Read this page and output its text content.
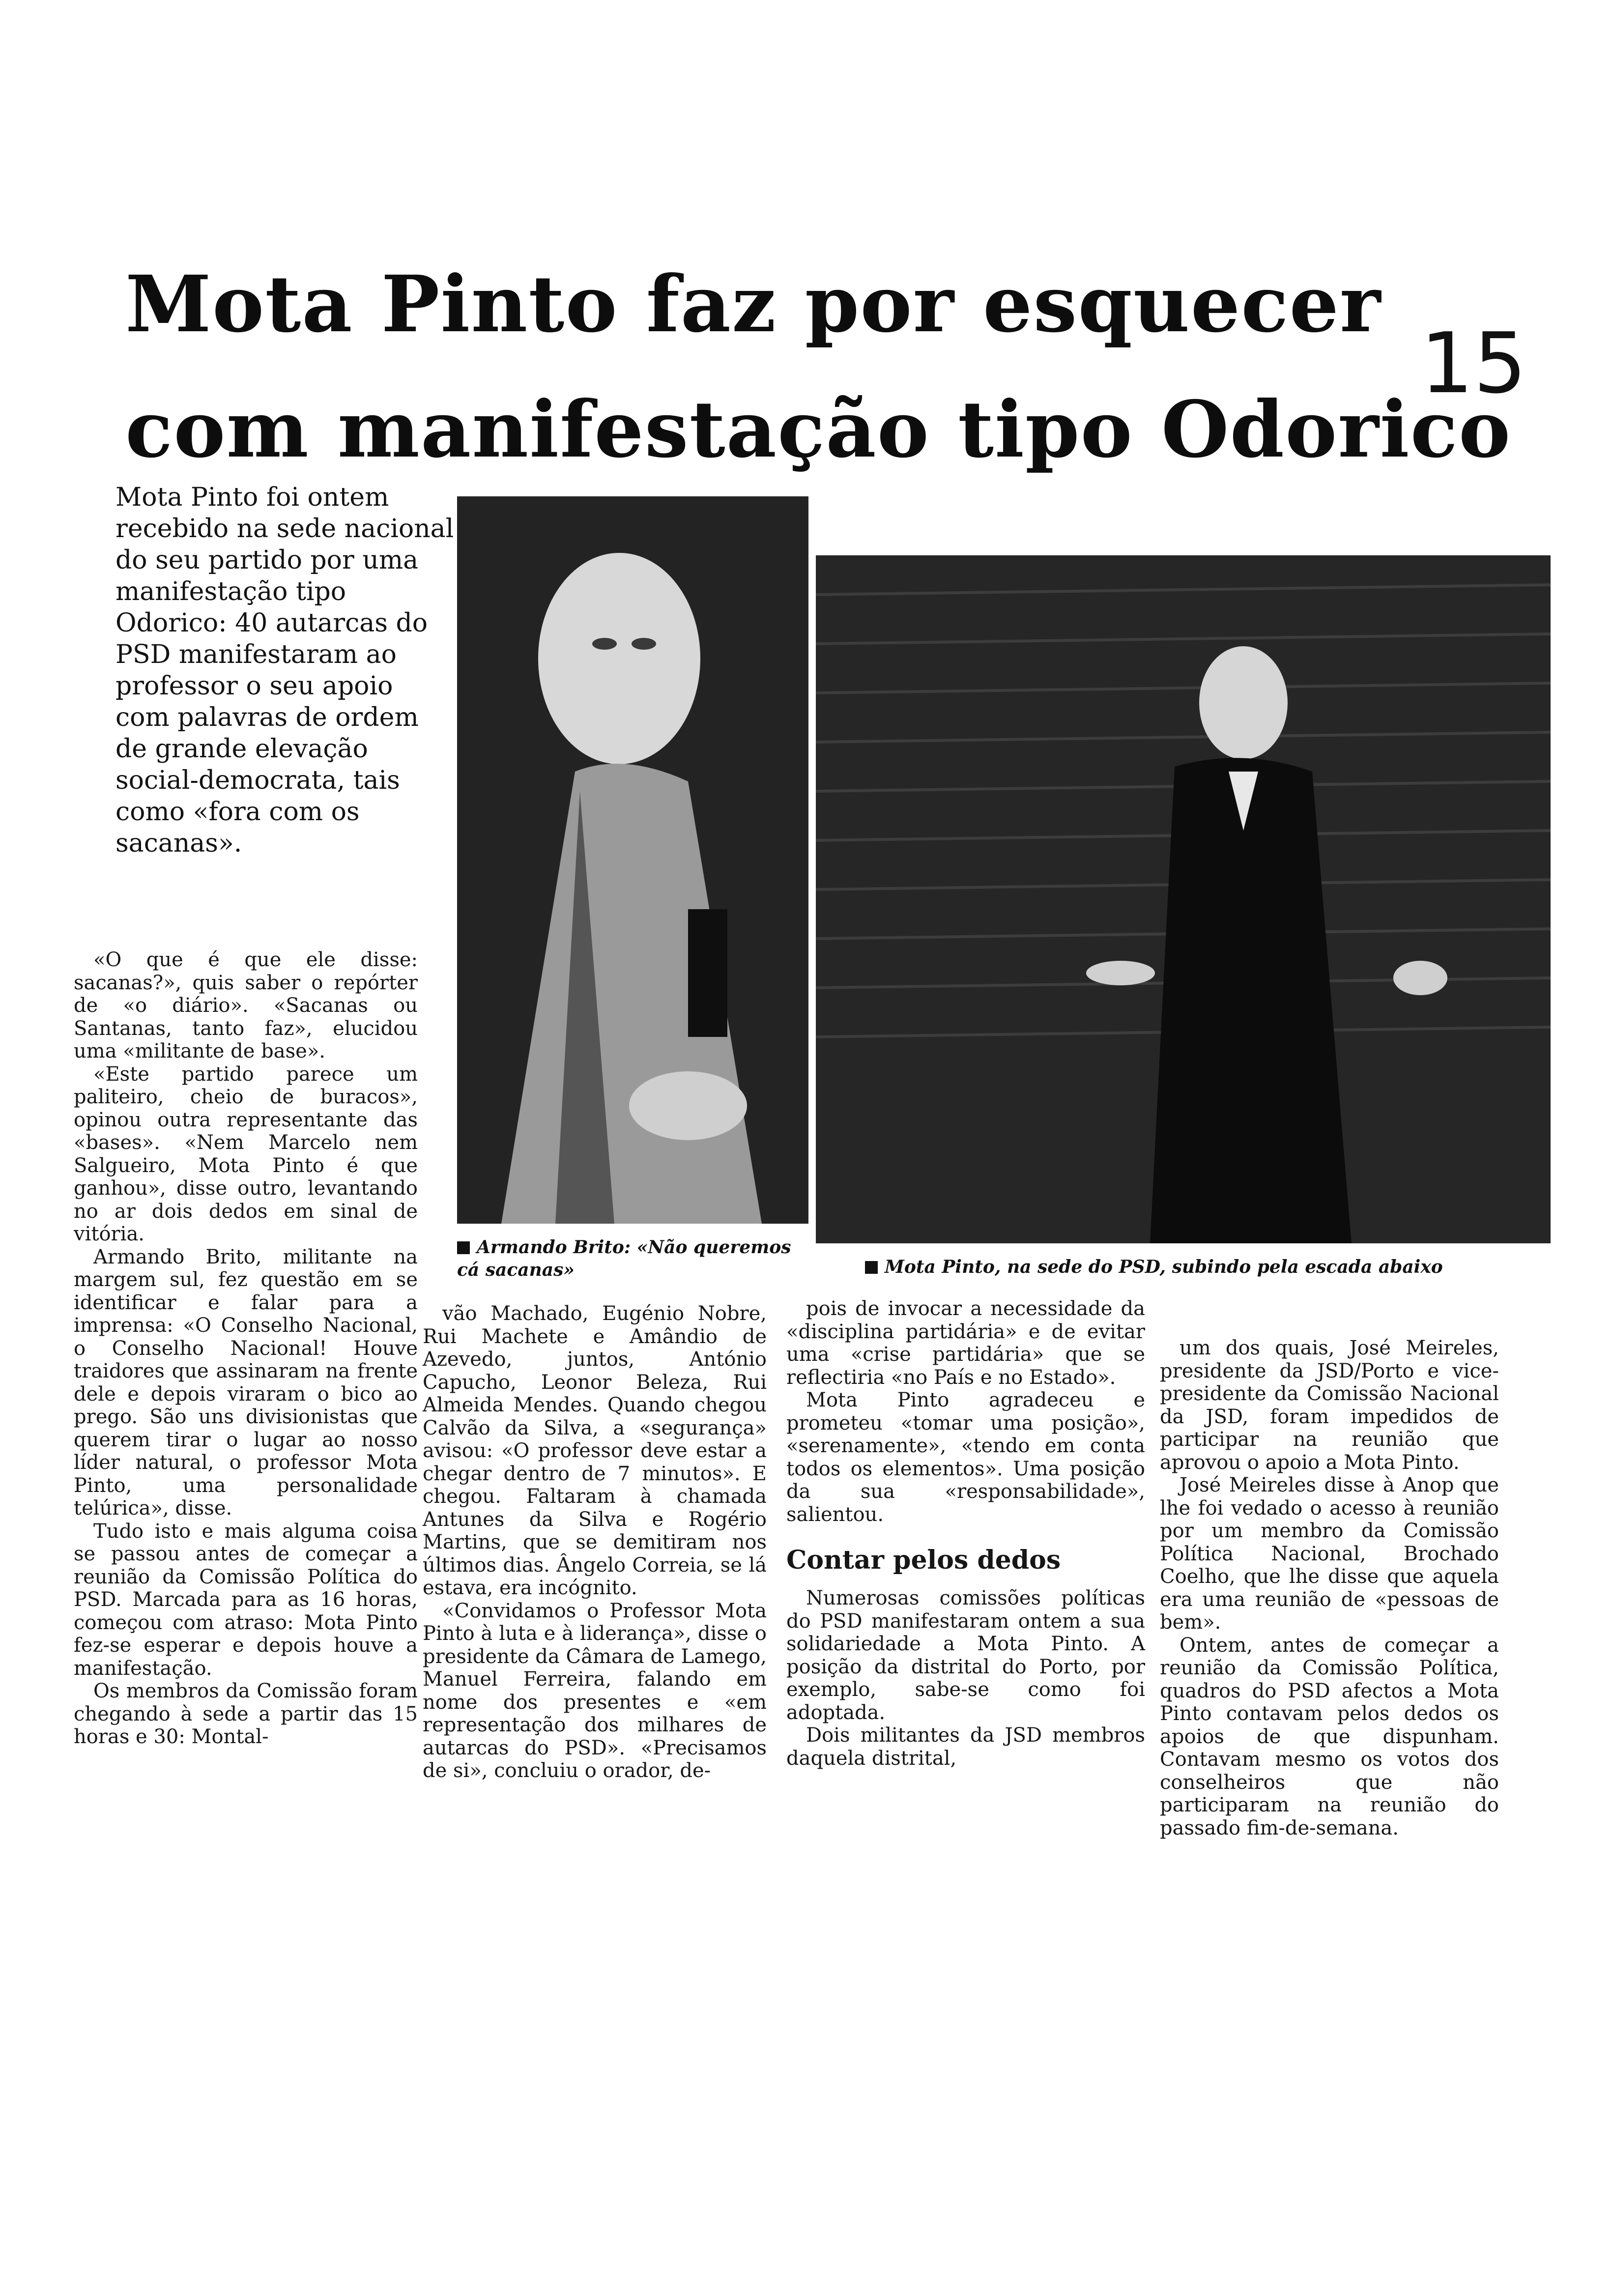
Mota Pinto faz por esquecer
com manifestação tipo Odorico
15
Mota Pinto foi ontem recebido na sede nacional do seu partido por uma manifestação tipo Odorico: 40 autarcas do PSD manifestaram ao professor o seu apoio com palavras de ordem de grande elevação social-democrata, tais como «fora com os sacanas».
Armando Brito: «Não queremos cá sacanas»	Mota Pinto, na sede do PSD, subindo pela escada abaixo

«O que é que ele disse: sacanas?», quis saber o repórter de «o diário». «Sacanas ou Santanas, tanto faz», elucidou uma «militante de base».

«Este partido parece um paliteiro, cheio de buracos», opinou outra representante das «bases». «Nem Marcelo nem Salgueiro, Mota Pinto é que ganhou», disse outro, levantando no ar dois dedos em sinal de vitória.

Armando Brito, militante na margem sul, fez questão em se identificar e falar para a imprensa: «O Conselho Nacional, o Conselho Nacional! Houve traidores que assinaram na frente dele e depois viraram o bico ao prego. São uns divisionistas que querem tirar o lugar ao nosso líder natural, o professor Mota Pinto, uma personalidade telúrica», disse.

Tudo isto e mais alguma coisa se passou antes de começar a reunião da Comissão Política do PSD. Marcada para as 16 horas, começou com atraso: Mota Pinto fez-se esperar e depois houve a manifestação.

Os membros da Comissão foram chegando à sede a partir das 15 horas e 30: Montal-

vão Machado, Eugénio Nobre, Rui Machete e Amândio de Azevedo, juntos, António Capucho, Leonor Beleza, Rui Almeida Mendes. Quando chegou Calvão da Silva, a «segurança» avisou: «O professor deve estar a chegar dentro de 7 minutos». E chegou. Faltaram à chamada Antunes da Silva e Rogério Martins, que se demitiram nos últimos dias. Ângelo Correia, se lá estava, era incógnito.

«Convidamos o Professor Mota Pinto à luta e à liderança», disse o presidente da Câmara de Lamego, Manuel Ferreira, falando em nome dos presentes e «em representação dos milhares de autarcas do PSD». «Precisamos de si», concluiu o orador, de-

pois de invocar a necessidade da «disciplina partidária» e de evitar uma «crise partidária» que se reflectiria «no País e no Estado».

Mota Pinto agradeceu e prometeu «tomar uma posição», «serenamente», «tendo em conta todos os elementos». Uma posição da sua «responsabilidade», salientou.

Contar pelos dedos

Numerosas comissões políticas do PSD manifestaram ontem a sua solidariedade a Mota Pinto. A posição da distrital do Porto, por exemplo, sabe-se como foi adoptada.

Dois militantes da JSD membros daquela distrital,

um dos quais, José Meireles, presidente da JSD/Porto e vice-presidente da Comissão Nacional da JSD, foram impedidos de participar na reunião que aprovou o apoio a Mota Pinto.

José Meireles disse à Anop que lhe foi vedado o acesso à reunião por um membro da Comissão Política Nacional, Brochado Coelho, que lhe disse que aquela era uma reunião de «pessoas de bem».

Ontem, antes de começar a reunião da Comissão Política, quadros do PSD afectos a Mota Pinto contavam pelos dedos os apoios de que dispunham. Contavam mesmo os votos dos conselheiros que não participaram na reunião do passado fim-de-semana.
